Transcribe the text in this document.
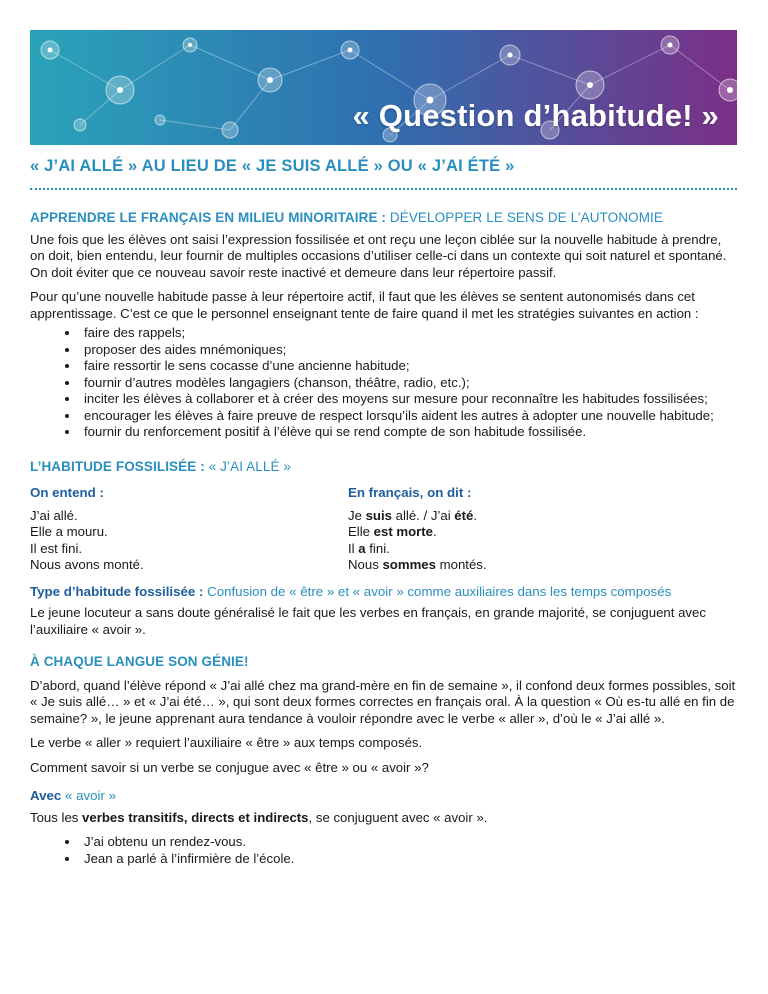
« Question d’habitude! »
« J’AI ALLÉ » AU LIEU DE « JE SUIS ALLÉ » OU « J’AI ÉTÉ »
APPRENDRE LE FRANÇAIS EN MILIEU MINORITAIRE : DÉVELOPPER LE SENS DE L’AUTONOMIE

Une fois que les élèves ont saisi l’expression fossilisée et ont reçu une leçon ciblée sur la nouvelle habitude à prendre, on doit, bien entendu, leur fournir de multiples occasions d’utiliser celle-ci dans un contexte qui soit naturel et spontané. On doit éviter que ce nouveau savoir reste inactivé et demeure dans leur répertoire passif.

Pour qu’une nouvelle habitude passe à leur répertoire actif, il faut que les élèves se sentent autonomisés dans cet apprentissage. C’est ce que le personnel enseignant tente de faire quand il met les stratégies suivantes en action :

• faire des rappels;
• proposer des aides mnémoniques;
• faire ressortir le sens cocasse d’une ancienne habitude;
• fournir d’autres modèles langagiers (chanson, théâtre, radio, etc.);
• inciter les élèves à collaborer et à créer des moyens sur mesure pour reconnaître les habitudes fossilisées;
• encourager les élèves à faire preuve de respect lorsqu’ils aident les autres à adopter une nouvelle habitude;
• fournir du renforcement positif à l’élève qui se rend compte de son habitude fossilisée.
L’HABITUDE FOSSILISÉE : « J’AI ALLÉ »
On entend :
J’ai allé.
Elle a mouru.
Il est fini.
Nous avons monté.
En français, on dit :
Je suis allé. / J’ai été.
Elle est morte.
Il a fini.
Nous sommes montés.
Type d’habitude fossilisée : Confusion de « être » et « avoir » comme auxiliaires dans les temps composés

Le jeune locuteur a sans doute généralisé le fait que les verbes en français, en grande majorité, se conjuguent avec l’auxiliaire « avoir ».

À CHAQUE LANGUE SON GÉNIE!

D’abord, quand l’élève répond « J’ai allé chez ma grand-mère en fin de semaine », il confond deux formes possibles, soit « Je suis allé… » et « J’ai été… », qui sont deux formes correctes en français oral. À la question « Où es-tu allé en fin de semaine? », le jeune apprenant aura tendance à vouloir répondre avec le verbe « aller », d’où le « J’ai allé ».

Le verbe « aller » requiert l’auxiliaire « être » aux temps composés.

Comment savoir si un verbe se conjugue avec « être » ou « avoir »?

Avec « avoir »

Tous les verbes transitifs, directs et indirects, se conjuguent avec « avoir ».

• J’ai obtenu un rendez-vous.
• Jean a parlé à l’infirmière de l’école.
